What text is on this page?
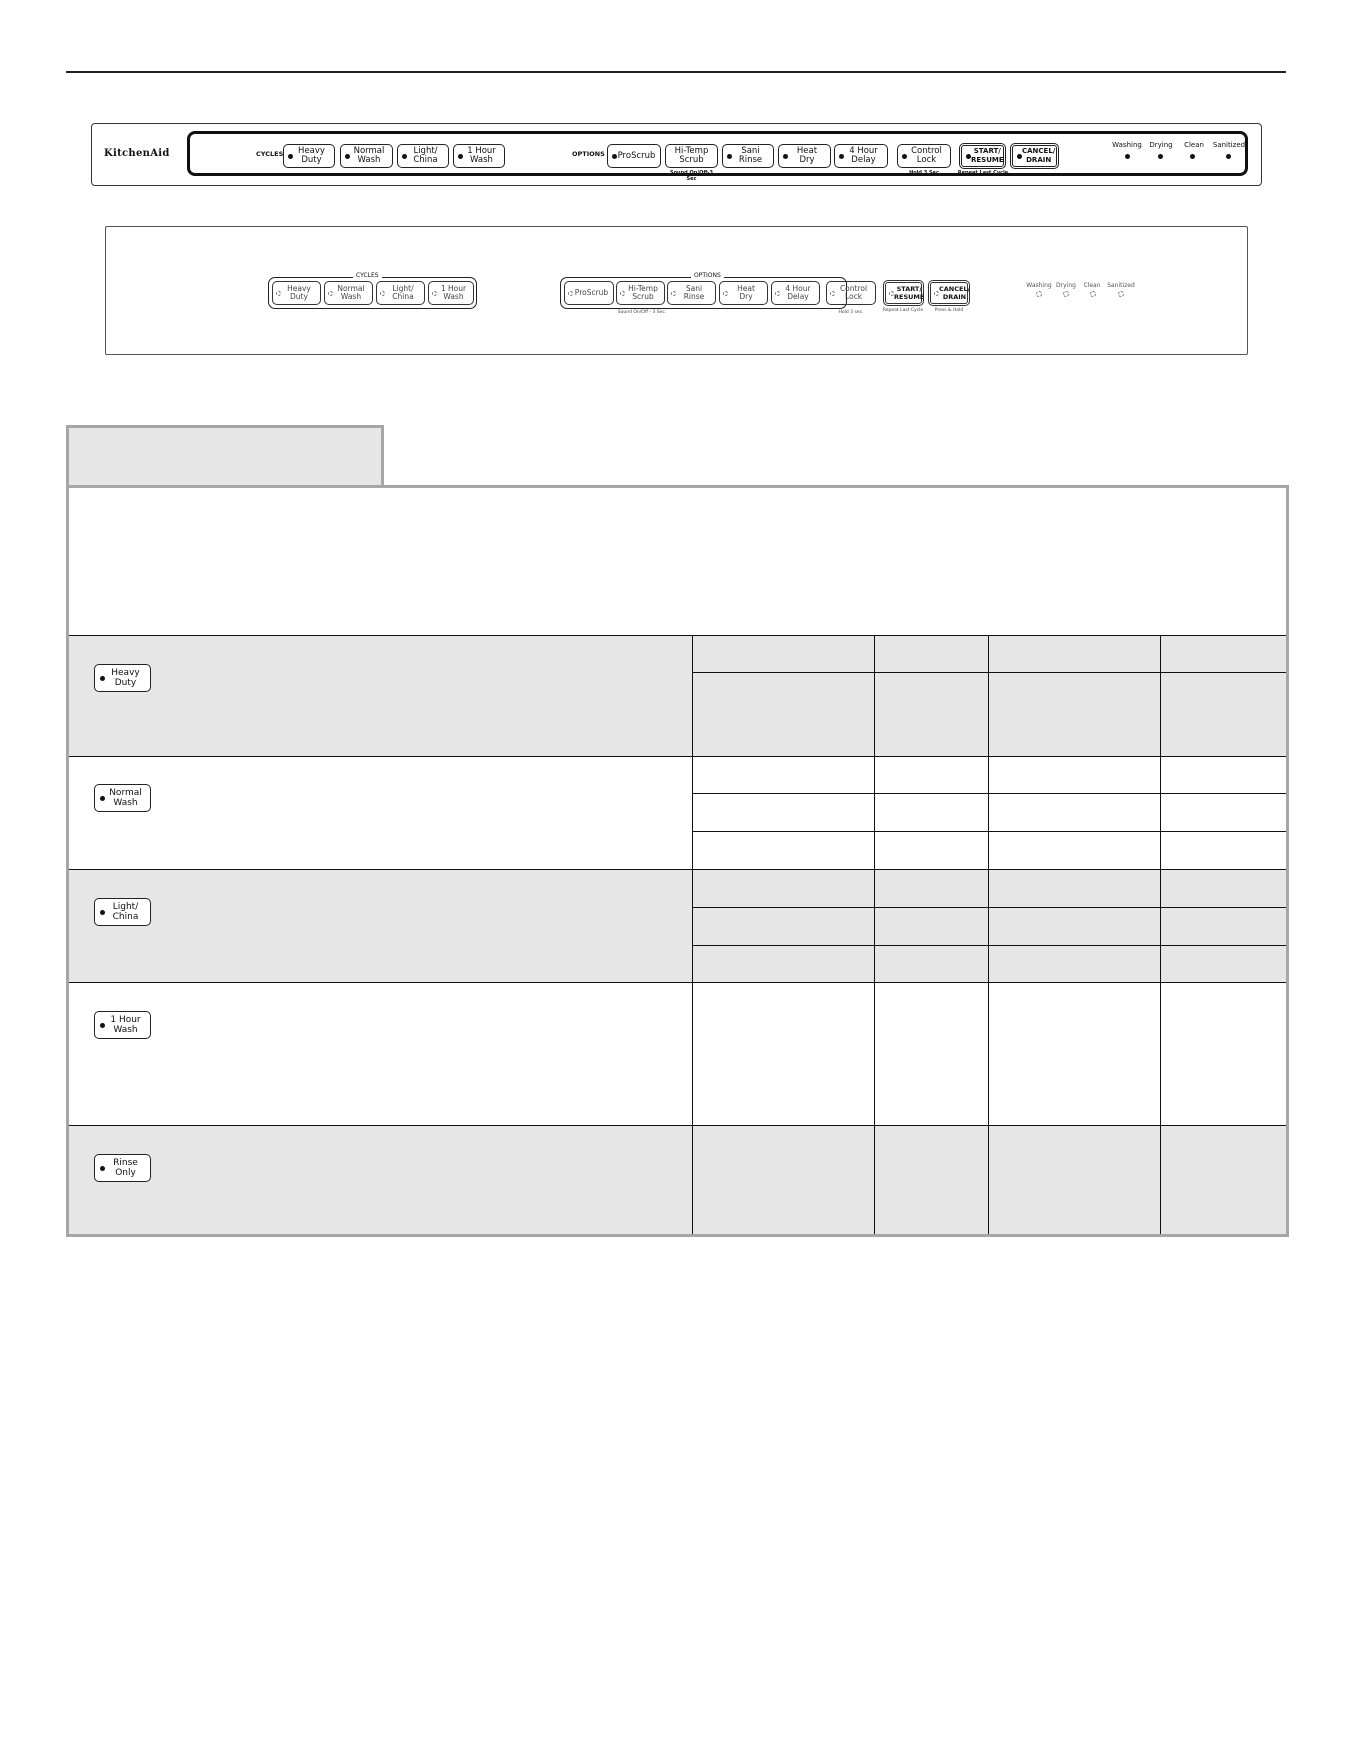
KitchenAid	CYCLES	Heavy
Duty
Normal
Wash
Light/
China
1 Hour
Wash
OPTIONS ProScrub	Hi-Temp
Scrub
Sani
Rinse
Heat
Dry
4 Hour
Delay
Control
Lock
START/
RESUME
CANCEL/
DRAIN
Sound On/Off-3 Sec
Hold 3 Sec	Repeat Last Cycle
Washing	Drying	Clean	Sanitized
CYCLES
Heavy
Duty
Normal
Wash
Light/
China
1 Hour
Wash
OPTIONS
ProScrub	Hi-Temp
Scrub
Sani
Rinse
Heat
Dry
4 Hour
Delay
Control
Lock
START/
RESUME
CANCEL/
DRAIN
Sound On/Off - 3 Sec.	Hold 3 sec.	Repeat Last Cycle	Press & Hold
Washing Drying	Clean	Sanitized
Heavy
Duty
Normal
Wash
Light/
China
1 Hour
Wash
Rinse
Only
